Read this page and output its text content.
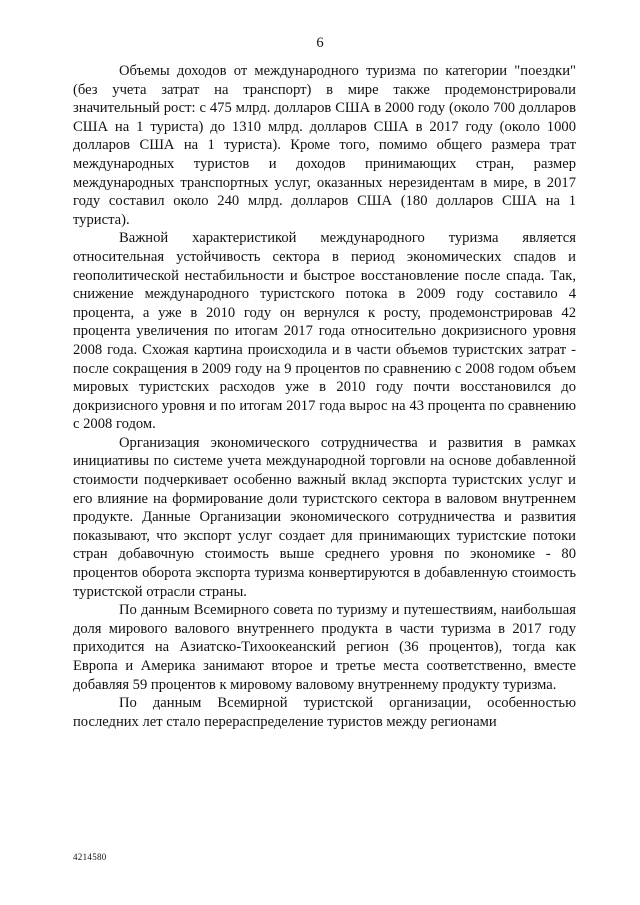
6

Объемы доходов от международного туризма по категории "поездки" (без учета затрат на транспорт) в мире также продемонстрировали значительный рост: с 475 млрд. долларов США в 2000 году (около 700 долларов США на 1 туриста) до 1310 млрд. долларов США в 2017 году (около 1000 долларов США на 1 туриста). Кроме того, помимо общего размера трат международных туристов и доходов принимающих стран, размер международных транспортных услуг, оказанных нерезидентам в мире, в 2017 году составил около 240 млрд. долларов США (180 долларов США на 1 туриста).

Важной характеристикой международного туризма является относительная устойчивость сектора в период экономических спадов и геополитической нестабильности и быстрое восстановление после спада. Так, снижение международного туристского потока в 2009 году составило 4 процента, а уже в 2010 году он вернулся к росту, продемонстрировав 42 процента увеличения по итогам 2017 года относительно докризисного уровня 2008 года. Схожая картина происходила и в части объемов туристских затрат - после сокращения в 2009 году на 9 процентов по сравнению с 2008 годом объем мировых туристских расходов уже в 2010 году почти восстановился до докризисного уровня и по итогам 2017 года вырос на 43 процента по сравнению с 2008 годом.

Организация экономического сотрудничества и развития в рамках инициативы по системе учета международной торговли на основе добавленной стоимости подчеркивает особенно важный вклад экспорта туристских услуг и его влияние на формирование доли туристского сектора в валовом внутреннем продукте. Данные Организации экономического сотрудничества и развития показывают, что экспорт услуг создает для принимающих туристские потоки стран добавочную стоимость выше среднего уровня по экономике - 80 процентов оборота экспорта туризма конвертируются в добавленную стоимость туристской отрасли страны.

По данным Всемирного совета по туризму и путешествиям, наибольшая доля мирового валового внутреннего продукта в части туризма в 2017 году приходится на Азиатско-Тихоокеанский регион (36 процентов), тогда как Европа и Америка занимают второе и третье места соответственно, вместе добавляя 59 процентов к мировому валовому внутреннему продукту туризма.

По данным Всемирной туристской организации, особенностью последних лет стало перераспределение туристов между регионами

4214580
